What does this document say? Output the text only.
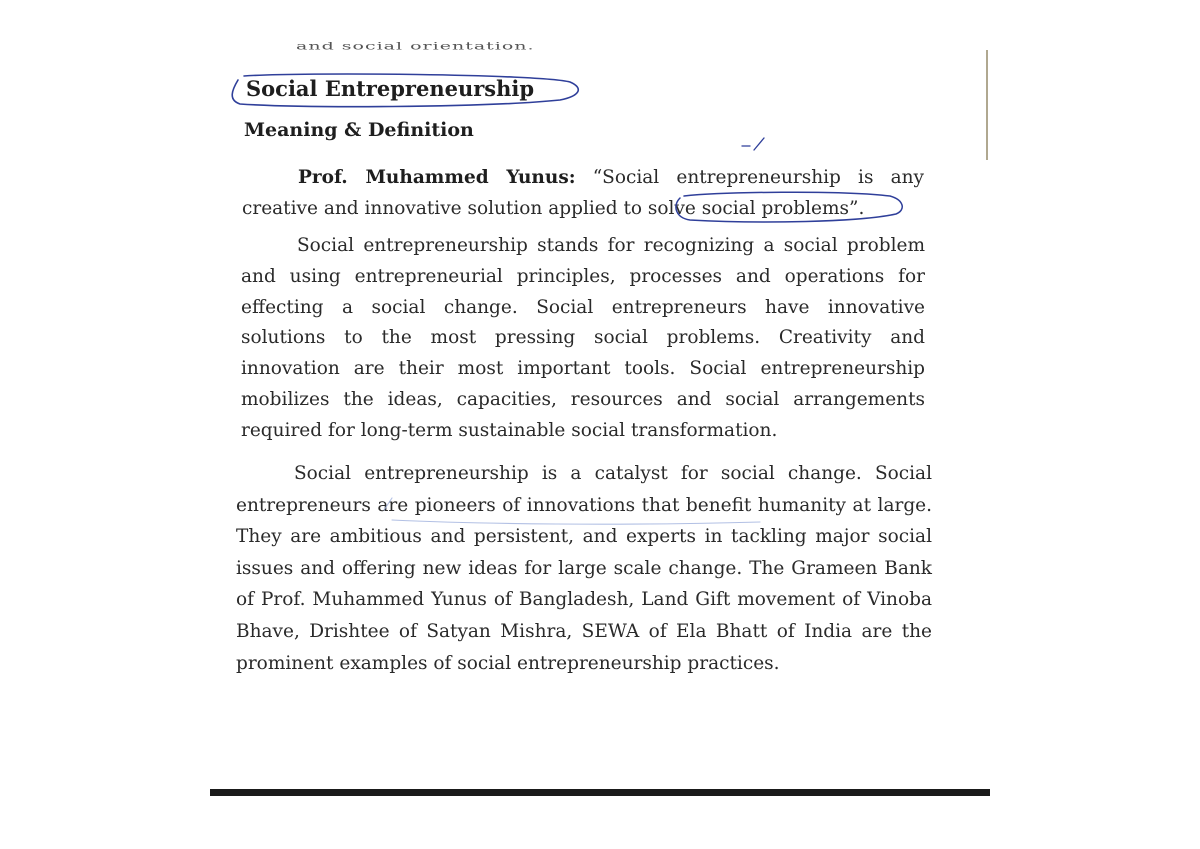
and social orientation.
Social Entrepreneurship
Meaning & Definition

Prof. Muhammed Yunus: “Social entrepreneurship is any creative and innovative solution applied to solve social problems”.

Social entrepreneurship stands for recognizing a social problem and using entrepreneurial principles, processes and operations for effecting a social change. Social entrepreneurs have innovative solutions to the most pressing social problems. Creativity and innovation are their most important tools. Social entrepreneurship mobilizes the ideas, capacities, resources and social arrangements required for long-term sustainable social transformation.

Social entrepreneurship is a catalyst for social change. Social entrepreneurs are pioneers of innovations that benefit humanity at large. They are ambitious and persistent, and experts in tackling major social issues and offering new ideas for large scale change. The Grameen Bank of Prof. Muhammed Yunus of Bangladesh, Land Gift movement of Vinoba Bhave, Drishtee of Satyan Mishra, SEWA of Ela Bhatt of India are the prominent examples of social entrepreneurship practices.
